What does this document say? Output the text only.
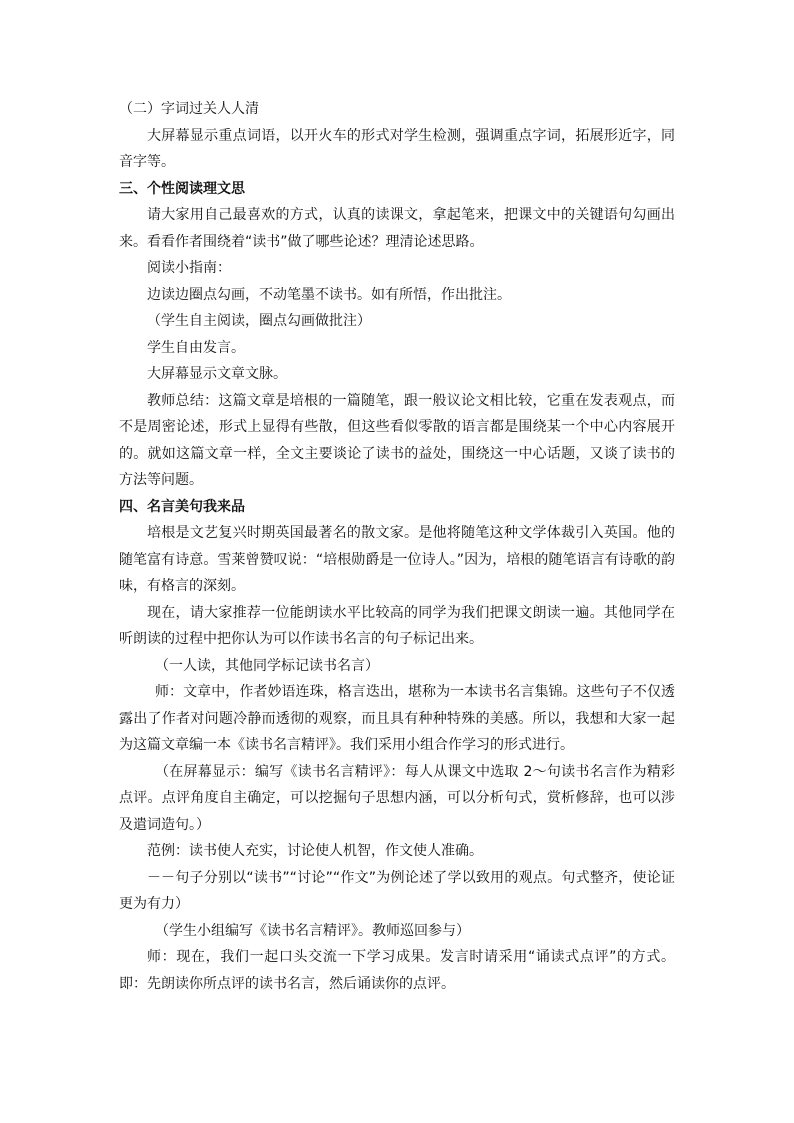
（二）字词过关人人清

大屏幕显示重点词语，以开火车的形式对学生检测，强调重点字词，拓展形近字，同音字等。

三、个性阅读理文思

请大家用自己最喜欢的方式，认真的读课文，拿起笔来，把课文中的关键语句勾画出来。看看作者围绕着“读书”做了哪些论述？理清论述思路。

阅读小指南：

边读边圈点勾画，不动笔墨不读书。如有所悟，作出批注。

（学生自主阅读，圈点勾画做批注）

学生自由发言。

大屏幕显示文章文脉。

教师总结：这篇文章是培根的一篇随笔，跟一般议论文相比较，它重在发表观点，而不是周密论述，形式上显得有些散，但这些看似零散的语言都是围绕某一个中心内容展开的。就如这篇文章一样，全文主要谈论了读书的益处，围绕这一中心话题，又谈了读书的方法等问题。

四、名言美句我来品

培根是文艺复兴时期英国最著名的散文家。是他将随笔这种文学体裁引入英国。他的随笔富有诗意。雪莱曾赞叹说：“培根勋爵是一位诗人。”因为，培根的随笔语言有诗歌的韵味，有格言的深刻。

现在，请大家推荐一位能朗读水平比较高的同学为我们把课文朗读一遍。其他同学在听朗读的过程中把你认为可以作读书名言的句子标记出来。

（一人读，其他同学标记读书名言）

师：文章中，作者妙语连珠，格言迭出，堪称为一本读书名言集锦。这些句子不仅透露出了作者对问题冷静而透彻的观察，而且具有种种特殊的美感。所以，我想和大家一起为这篇文章编一本《读书名言精评》。我们采用小组合作学习的形式进行。

（在屏幕显示：编写《读书名言精评》：每人从课文中选取 2～句读书名言作为精彩点评。点评角度自主确定，可以挖掘句子思想内涵，可以分析句式，赏析修辞，也可以涉及遣词造句。）

范例：读书使人充实，讨论使人机智，作文使人准确。

－－句子分别以“读书”“讨论”“作文”为例论述了学以致用的观点。句式整齐，使论证更为有力）

（学生小组编写《读书名言精评》。教师巡回参与）

师：现在，我们一起口头交流一下学习成果。发言时请采用“诵读式点评”的方式。即：先朗读你所点评的读书名言，然后诵读你的点评。
